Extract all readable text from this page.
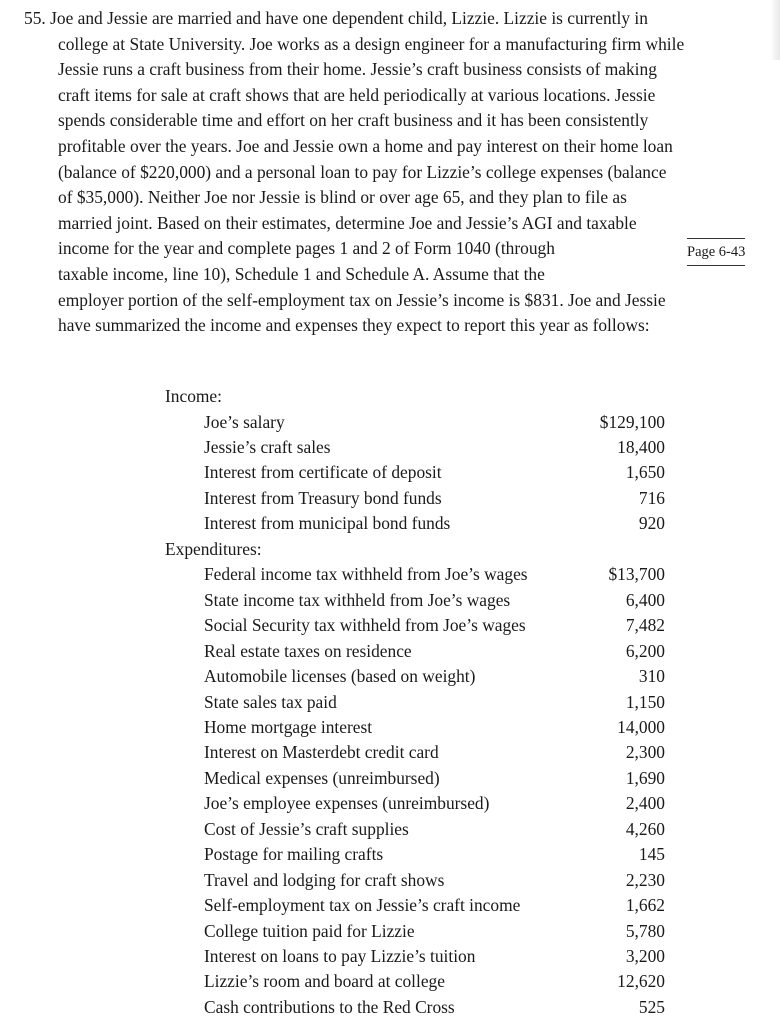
55. Joe and Jessie are married and have one dependent child, Lizzie. Lizzie is currently in
college at State University. Joe works as a design engineer for a manufacturing firm while
Jessie runs a craft business from their home. Jessie’s craft business consists of making
craft items for sale at craft shows that are held periodically at various locations. Jessie
spends considerable time and effort on her craft business and it has been consistently
profitable over the years. Joe and Jessie own a home and pay interest on their home loan
(balance of $220,000) and a personal loan to pay for Lizzie’s college expenses (balance
of $35,000). Neither Joe nor Jessie is blind or over age 65, and they plan to file as
married joint. Based on their estimates, determine Joe and Jessie’s AGI and taxable
income for the year and complete pages 1 and 2 of Form 1040 (through
taxable income, line 10), Schedule 1 and Schedule A. Assume that the
employer portion of the self-employment tax on Jessie’s income is $831. Joe and Jessie
have summarized the income and expenses they expect to report this year as follows:
Page 6-43
Income:
Joe’s salary	$129,100
Jessie’s craft sales	18,400
Interest from certificate of deposit	1,650
Interest from Treasury bond funds	716
Interest from municipal bond funds	920
Expenditures:
Federal income tax withheld from Joe’s wages	$13,700
State income tax withheld from Joe’s wages	6,400
Social Security tax withheld from Joe’s wages	7,482
Real estate taxes on residence	6,200
Automobile licenses (based on weight)	310
State sales tax paid	1,150
Home mortgage interest	14,000
Interest on Masterdebt credit card	2,300
Medical expenses (unreimbursed)	1,690
Joe’s employee expenses (unreimbursed)	2,400
Cost of Jessie’s craft supplies	4,260
Postage for mailing crafts	145
Travel and lodging for craft shows	2,230
Self-employment tax on Jessie’s craft income	1,662
College tuition paid for Lizzie	5,780
Interest on loans to pay Lizzie’s tuition	3,200
Lizzie’s room and board at college	12,620
Cash contributions to the Red Cross	525
